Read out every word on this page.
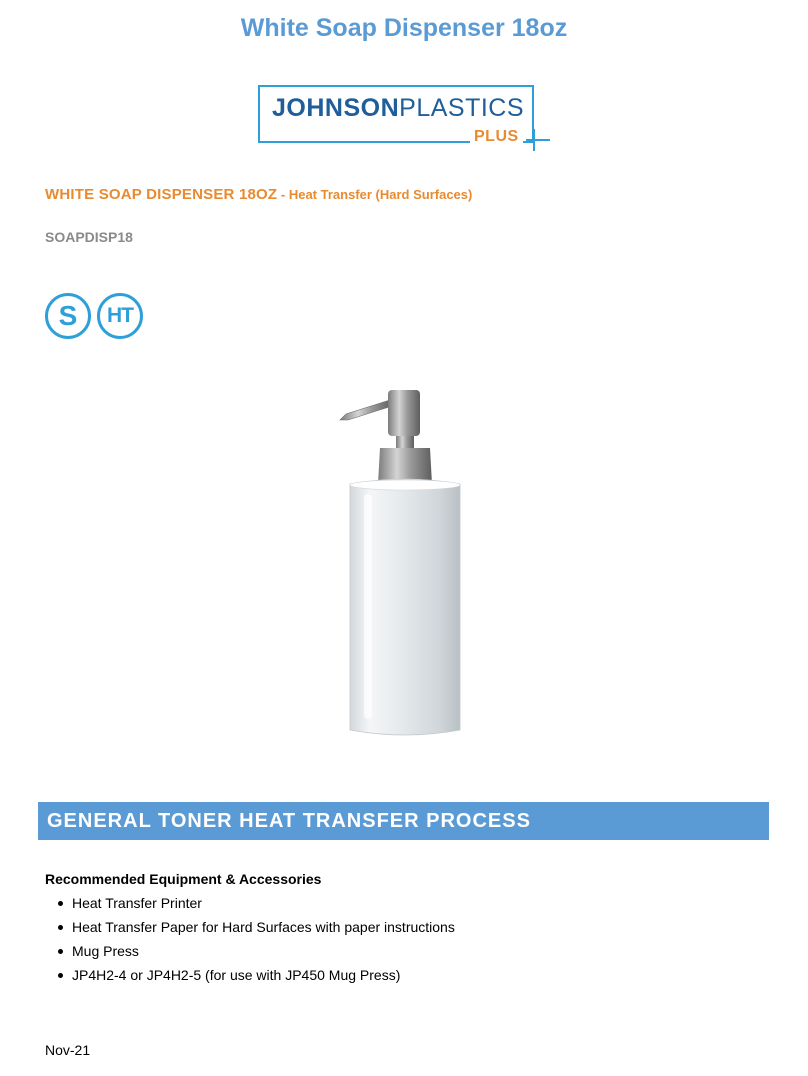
White Soap Dispenser 18oz
JOHNSONPLASTICS
PLUS
WHITE SOAP DISPENSER 18OZ - Heat Transfer (Hard Surfaces)
SOAPDISP18
S	HT
GENERAL TONER HEAT TRANSFER PROCESS
Recommended Equipment & Accessories
Heat Transfer Printer
Heat Transfer Paper for Hard Surfaces with paper instructions
Mug Press
JP4H2-4 or JP4H2-5 (for use with JP450 Mug Press)
Nov-21
